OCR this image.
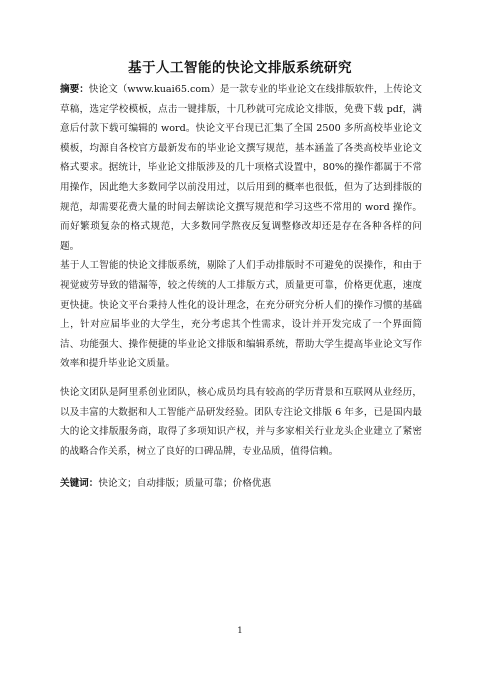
基于人工智能的快论文排版系统研究

摘要：快论文（www.kuai65.com）是一款专业的毕业论文在线排版软件，上传论文草稿，选定学校模板，点击一键排版，十几秒就可完成论文排版，免费下载 pdf，满意后付款下载可编辑的 word。快论文平台现已汇集了全国 2500 多所高校毕业论文模板，均源自各校官方最新发布的毕业论文撰写规范，基本涵盖了各类高校毕业论文格式要求。据统计，毕业论文排版涉及的几十项格式设置中，80%的操作都属于不常用操作，因此绝大多数同学以前没用过，以后用到的概率也很低，但为了达到排版的规范，却需要花费大量的时间去解读论文撰写规范和学习这些不常用的 word 操作。而好繁琐复杂的格式规范，大多数同学熬夜反复调整修改却还是存在各种各样的问题。

基于人工智能的快论文排版系统，剔除了人们手动排版时不可避免的误操作，和由于视觉疲劳导致的错漏等，较之传统的人工排版方式，质量更可靠，价格更优惠，速度更快捷。快论文平台秉持人性化的设计理念，在充分研究分析人们的操作习惯的基础上，针对应届毕业的大学生，充分考虑其个性需求，设计并开发完成了一个界面简洁、功能强大、操作便捷的毕业论文排版和编辑系统，帮助大学生提高毕业论文写作效率和提升毕业论文质量。

快论文团队是阿里系创业团队，核心成员均具有较高的学历背景和互联网从业经历，以及丰富的大数据和人工智能产品研发经验。团队专注论文排版 6 年多，已是国内最大的论文排版服务商，取得了多项知识产权，并与多家相关行业龙头企业建立了紧密的战略合作关系，树立了良好的口碑品牌，专业品质，值得信赖。

关键词：快论文；自动排版；质量可靠；价格优惠

1
